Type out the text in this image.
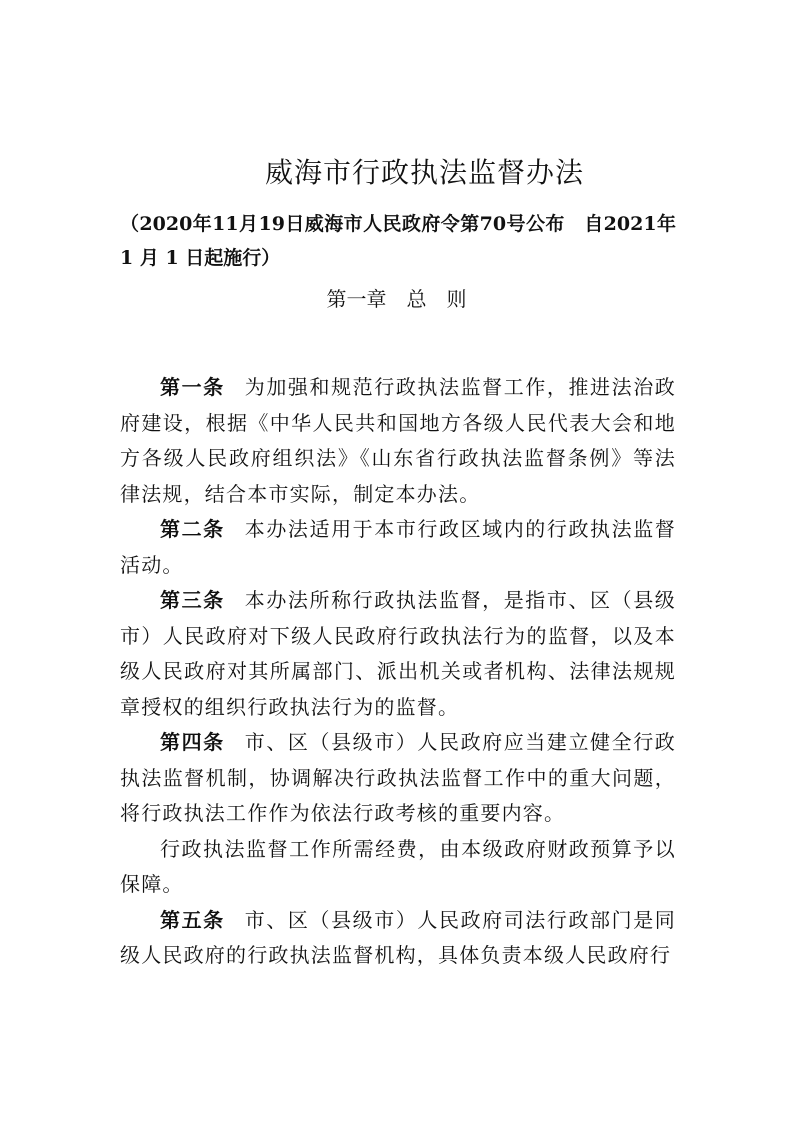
威海市行政执法监督办法
（2020年11月19日威海市人民政府令第70号公布　自2021年 1 月 1 日起施行）
第一章　总　则

第一条 为加强和规范行政执法监督工作，推进法治政府建设，根据《中华人民共和国地方各级人民代表大会和地方各级人民政府组织法》《山东省行政执法监督条例》等法律法规，结合本市实际，制定本办法。

第二条 本办法适用于本市行政区域内的行政执法监督活动。

第三条 本办法所称行政执法监督，是指市、区（县级市）人民政府对下级人民政府行政执法行为的监督，以及本级人民政府对其所属部门、派出机关或者机构、法律法规规章授权的组织行政执法行为的监督。

第四条 市、区（县级市）人民政府应当建立健全行政执法监督机制，协调解决行政执法监督工作中的重大问题，将行政执法工作作为依法行政考核的重要内容。

行政执法监督工作所需经费，由本级政府财政预算予以保障。

第五条 市、区（县级市）人民政府司法行政部门是同级人民政府的行政执法监督机构，具体负责本级人民政府行
